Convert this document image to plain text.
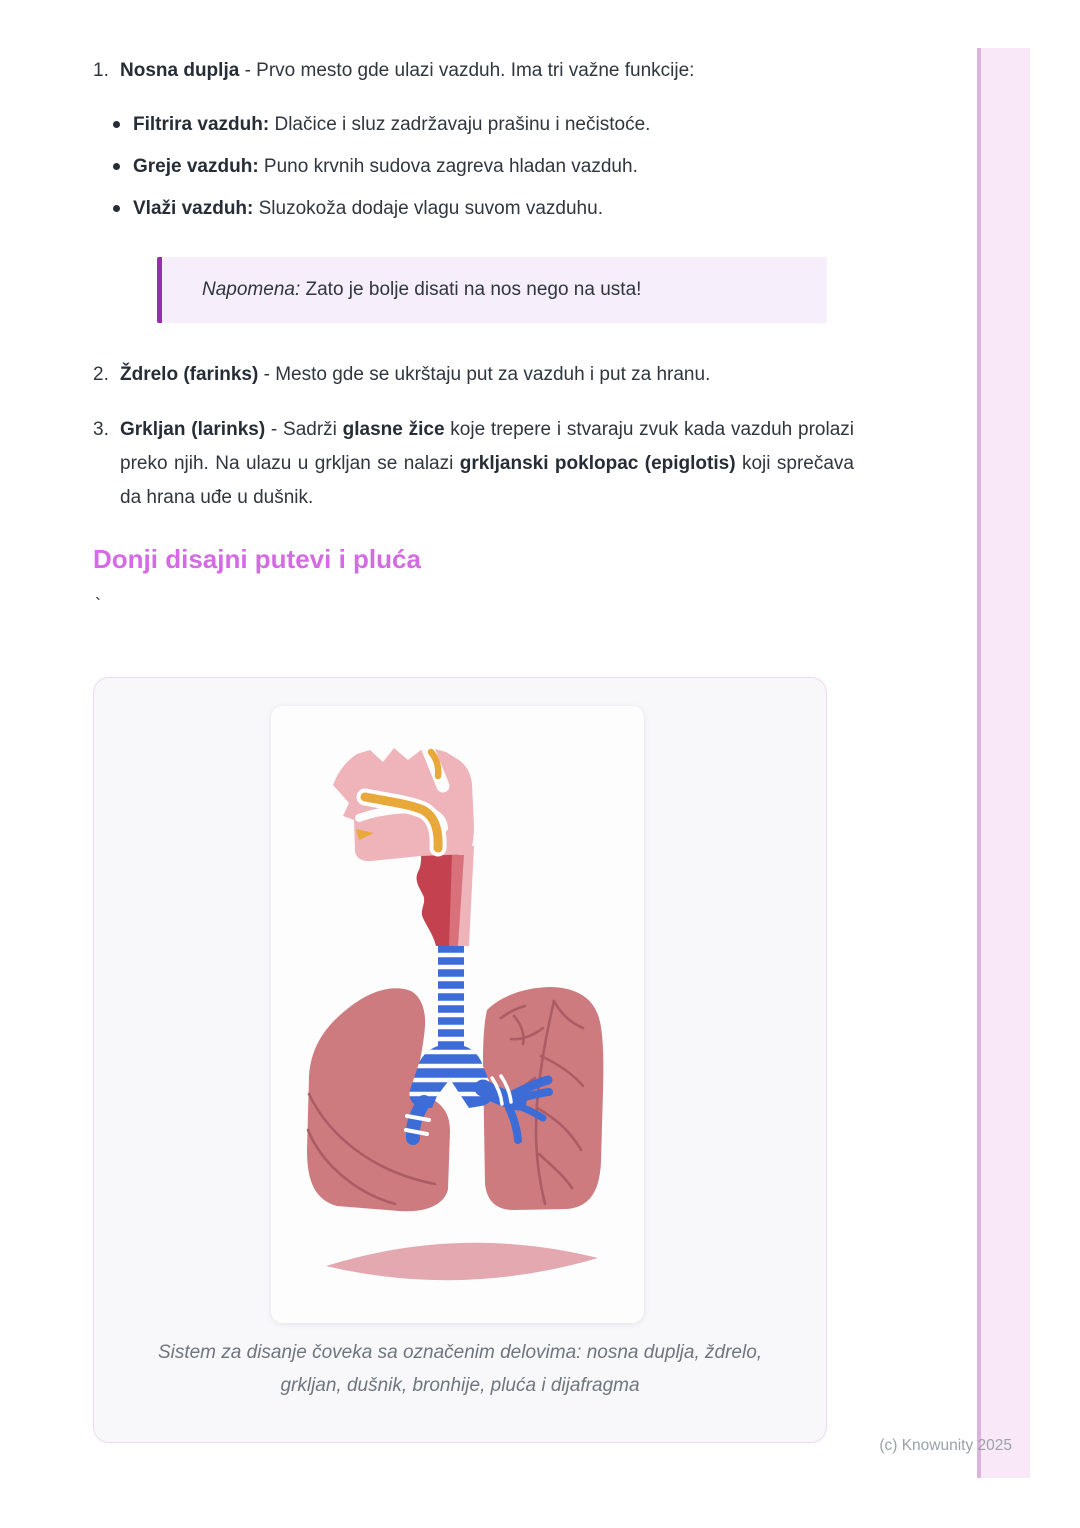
1. Nosna duplja - Prvo mesto gde ulazi vazduh. Ima tri važne funkcije:
Filtrira vazduh: Dlačice i sluz zadržavaju prašinu i nečistoće.
Greje vazduh: Puno krvnih sudova zagreva hladan vazduh.
Vlaži vazduh: Sluzokoža dodaje vlagu suvom vazduhu.
Napomena: Zato je bolje disati na nos nego na usta!
2. Ždrelo (farinks) - Mesto gde se ukrštaju put za vazduh i put za hranu.
3. Grkljan (larinks) - Sadrži glasne žice koje trepere i stvaraju zvuk kada vazduh prolazi preko njih. Na ulazu u grkljan se nalazi grkljanski poklopac (epiglotis) koji sprečava da hrana uđe u dušnik.
Donji disajni putevi i pluća
`
Sistem za disanje čoveka sa označenim delovima: nosna duplja, ždrelo, grkljan, dušnik, bronhije, pluća i dijafragma
(c) Knowunity 2025
